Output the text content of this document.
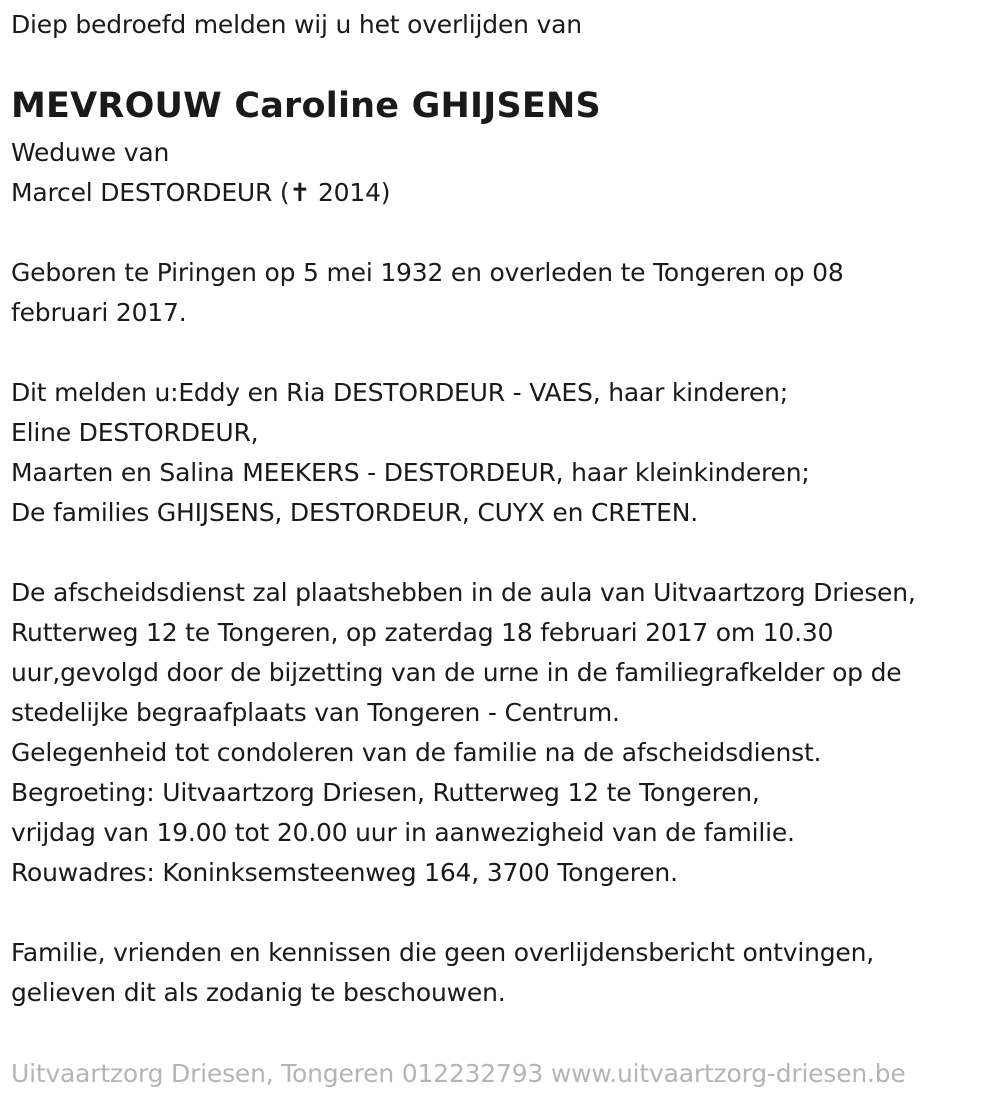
Diep bedroefd melden wij u het overlijden van
MEVROUW Caroline GHIJSENS
Weduwe van
Marcel DESTORDEUR (✝ 2014)
Geboren te Piringen op 5 mei 1932 en overleden te Tongeren op 08
februari 2017.
Dit melden u:Eddy en Ria DESTORDEUR - VAES, haar kinderen;
Eline DESTORDEUR,
Maarten en Salina MEEKERS - DESTORDEUR, haar kleinkinderen;
De families GHIJSENS, DESTORDEUR, CUYX en CRETEN.
De afscheidsdienst zal plaatshebben in de aula van Uitvaartzorg Driesen,
Rutterweg 12 te Tongeren, op zaterdag 18 februari 2017 om 10.30
uur,gevolgd door de bijzetting van de urne in de familiegrafkelder op de
stedelijke begraafplaats van Tongeren - Centrum.
Gelegenheid tot condoleren van de familie na de afscheidsdienst.
Begroeting: Uitvaartzorg Driesen, Rutterweg 12 te Tongeren,
vrijdag van 19.00 tot 20.00 uur in aanwezigheid van de familie.
Rouwadres: Koninksemsteenweg 164, 3700 Tongeren.
Familie, vrienden en kennissen die geen overlijdensbericht ontvingen,
gelieven dit als zodanig te beschouwen.
Uitvaartzorg Driesen, Tongeren 012232793 www.uitvaartzorg-driesen.be
